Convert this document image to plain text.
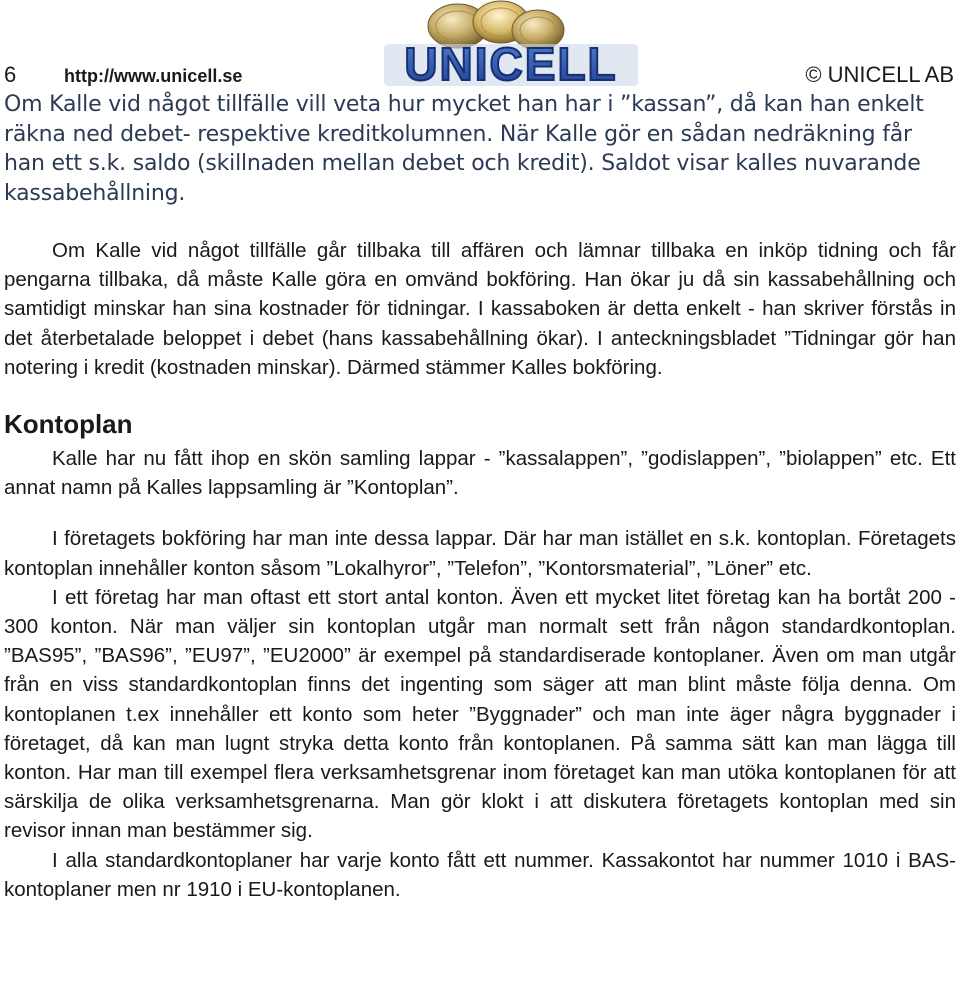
6	http://www.unicell.se	UNICELL	© UNICELL AB

Om Kalle vid något tillfälle vill veta hur mycket han har i ”kassan”, då kan han enkelt räkna ned debet- respektive kreditkolumnen. När Kalle gör en sådan nedräkning får han ett s.k. saldo (skillnaden mellan debet och kredit). Saldot visar kalles nuvarande kassabehållning.

Om Kalle vid något tillfälle går tillbaka till affären och lämnar tillbaka en inköp tidning och får pengarna tillbaka, då måste Kalle göra en omvänd bokföring. Han ökar ju då sin kassabehållning och samtidigt minskar han sina kostnader för tidningar. I kassaboken är detta enkelt - han skriver förstås in det återbetalade beloppet i debet (hans kassabehållning ökar). I anteckningsbladet ”Tidningar gör han notering i kredit (kostnaden minskar). Därmed stämmer Kalles bokföring.

Kontoplan

Kalle har nu fått ihop en skön samling lappar - ”kassalappen”, ”godislappen”, ”biolappen” etc. Ett annat namn på Kalles lappsamling är ”Kontoplan”.

I företagets bokföring har man inte dessa lappar. Där har man istället en s.k. kontoplan. Företagets kontoplan innehåller konton såsom ”Lokalhyror”, ”Telefon”, ”Kontorsmaterial”, ”Löner” etc.

I ett företag har man oftast ett stort antal konton. Även ett mycket litet företag kan ha bortåt 200 - 300 konton. När man väljer sin kontoplan utgår man normalt sett från någon standardkontoplan. ”BAS95”, ”BAS96”, ”EU97”, ”EU2000” är exempel på standardiserade kontoplaner. Även om man utgår från en viss standardkontoplan finns det ingenting som säger att man blint måste följa denna. Om kontoplanen t.ex innehåller ett konto som heter ”Byggnader” och man inte äger några byggnader i företaget, då kan man lugnt stryka detta konto från kontoplanen. På samma sätt kan man lägga till konton. Har man till exempel flera verksamhetsgrenar inom företaget kan man utöka kontoplanen för att särskilja de olika verksamhetsgrenarna. Man gör klokt i att diskutera företagets kontoplan med sin revisor innan man bestämmer sig.

I alla standardkontoplaner har varje konto fått ett nummer. Kassakontot har nummer 1010 i BAS-kontoplaner men nr 1910 i EU-kontoplanen.
